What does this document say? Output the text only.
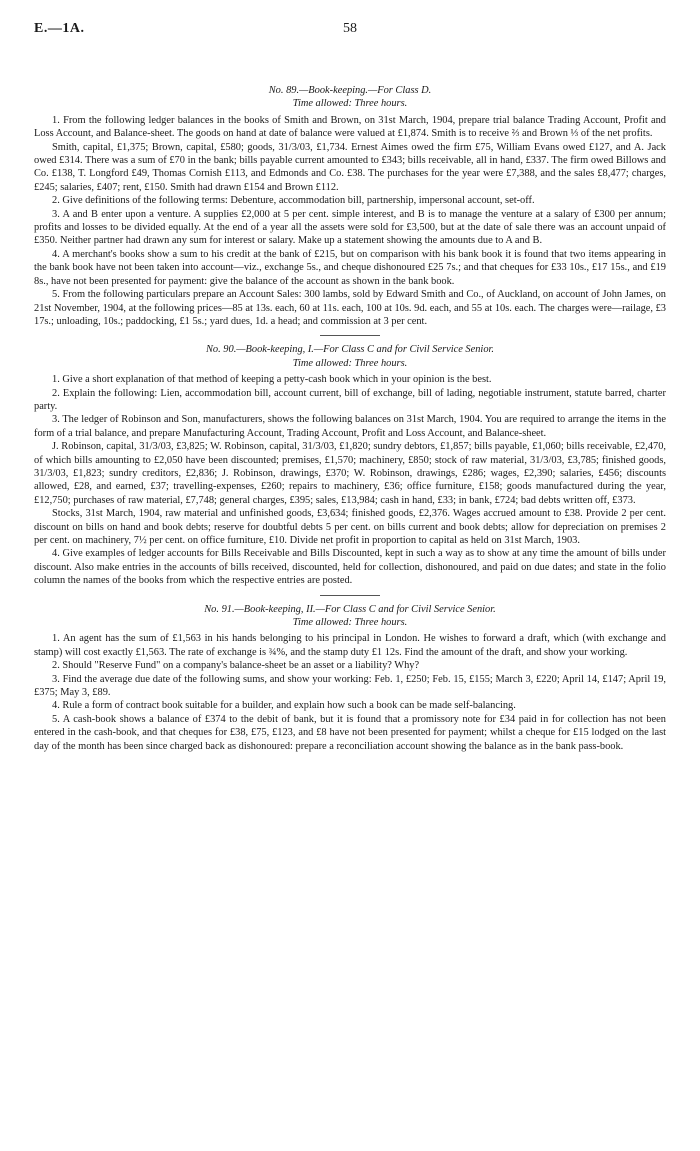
E.—1A.	58

No. 89.—Book-keeping.—For Class D.

Time allowed: Three hours.

1. From the following ledger balances in the books of Smith and Brown, on 31st March, 1904, prepare trial balance Trading Account, Profit and Loss Account, and Balance-sheet. The goods on hand at date of balance were valued at £1,874. Smith is to receive ⅔ and Brown ⅓ of the net profits.

Smith, capital, £1,375; Brown, capital, £580; goods, 31/3/03, £1,734. Ernest Aimes owed the firm £75, William Evans owed £127, and A. Jack owed £314. There was a sum of £70 in the bank; bills payable current amounted to £343; bills receivable, all in hand, £337. The firm owed Billows and Co. £138, T. Longford £49, Thomas Cornish £113, and Edmonds and Co. £38. The purchases for the year were £7,388, and the sales £8,477; charges, £245; salaries, £407; rent, £150. Smith had drawn £154 and Brown £112.

2. Give definitions of the following terms: Debenture, accommodation bill, partnership, impersonal account, set-off.

3. A and B enter upon a venture. A supplies £2,000 at 5 per cent. simple interest, and B is to manage the venture at a salary of £300 per annum; profits and losses to be divided equally. At the end of a year all the assets were sold for £3,500, but at the date of sale there was an account unpaid of £350. Neither partner had drawn any sum for interest or salary. Make up a statement showing the amounts due to A and B.

4. A merchant's books show a sum to his credit at the bank of £215, but on comparison with his bank book it is found that two items appearing in the bank book have not been taken into account—viz., exchange 5s., and cheque dishonoured £25 7s.; and that cheques for £33 10s., £17 15s., and £19 8s., have not been presented for payment: give the balance of the account as shown in the bank book.

5. From the following particulars prepare an Account Sales: 300 lambs, sold by Edward Smith and Co., of Auckland, on account of John James, on 21st November, 1904, at the following prices—85 at 13s. each, 60 at 11s. each, 100 at 10s. 9d. each, and 55 at 10s. each. The charges were—railage, £3 17s.; unloading, 10s.; paddocking, £1 5s.; yard dues, 1d. a head; and commission at 3 per cent.

No. 90.—Book-keeping, I.—For Class C and for Civil Service Senior.

Time allowed: Three hours.

1. Give a short explanation of that method of keeping a petty-cash book which in your opinion is the best.

2. Explain the following: Lien, accommodation bill, account current, bill of exchange, bill of lading, negotiable instrument, statute barred, charter party.

3. The ledger of Robinson and Son, manufacturers, shows the following balances on 31st March, 1904. You are required to arrange the items in the form of a trial balance, and prepare Manufacturing Account, Trading Account, Profit and Loss Account, and Balance-sheet.

J. Robinson, capital, 31/3/03, £3,825; W. Robinson, capital, 31/3/03, £1,820; sundry debtors, £1,857; bills payable, £1,060; bills receivable, £2,470, of which bills amounting to £2,050 have been discounted; premises, £1,570; machinery, £850; stock of raw material, 31/3/03, £3,785; finished goods, 31/3/03, £1,823; sundry creditors, £2,836; J. Robinson, drawings, £370; W. Robinson, drawings, £286; wages, £2,390; salaries, £456; discounts allowed, £28, and earned, £37; travelling-expenses, £260; repairs to machinery, £36; office furniture, £158; goods manufactured during the year, £12,750; purchases of raw material, £7,748; general charges, £395; sales, £13,984; cash in hand, £33; in bank, £724; bad debts written off, £373.

Stocks, 31st March, 1904, raw material and unfinished goods, £3,634; finished goods, £2,376. Wages accrued amount to £38. Provide 2 per cent. discount on bills on hand and book debts; reserve for doubtful debts 5 per cent. on bills current and book debts; allow for depreciation on premises 2 per cent. on machinery, 7½ per cent. on office furniture, £10. Divide net profit in proportion to capital as held on 31st March, 1903.

4. Give examples of ledger accounts for Bills Receivable and Bills Discounted, kept in such a way as to show at any time the amount of bills under discount. Also make entries in the accounts of bills received, discounted, held for collection, dishonoured, and paid on due dates; and state in the folio column the names of the books from which the respective entries are posted.

No. 91.—Book-keeping, II.—For Class C and for Civil Service Senior.

Time allowed: Three hours.

1. An agent has the sum of £1,563 in his hands belonging to his principal in London. He wishes to forward a draft, which (with exchange and stamp) will cost exactly £1,563. The rate of exchange is ¾%, and the stamp duty £1 12s. Find the amount of the draft, and show your working.

2. Should "Reserve Fund" on a company's balance-sheet be an asset or a liability? Why?

3. Find the average due date of the following sums, and show your working: Feb. 1, £250; Feb. 15, £155; March 3, £220; April 14, £147; April 19, £375; May 3, £89.

4. Rule a form of contract book suitable for a builder, and explain how such a book can be made self-balancing.

5. A cash-book shows a balance of £374 to the debit of bank, but it is found that a promissory note for £34 paid in for collection has not been entered in the cash-book, and that cheques for £38, £75, £123, and £8 have not been presented for payment; whilst a cheque for £15 lodged on the last day of the month has been since charged back as dishonoured: prepare a reconciliation account showing the balance as in the bank pass-book.
